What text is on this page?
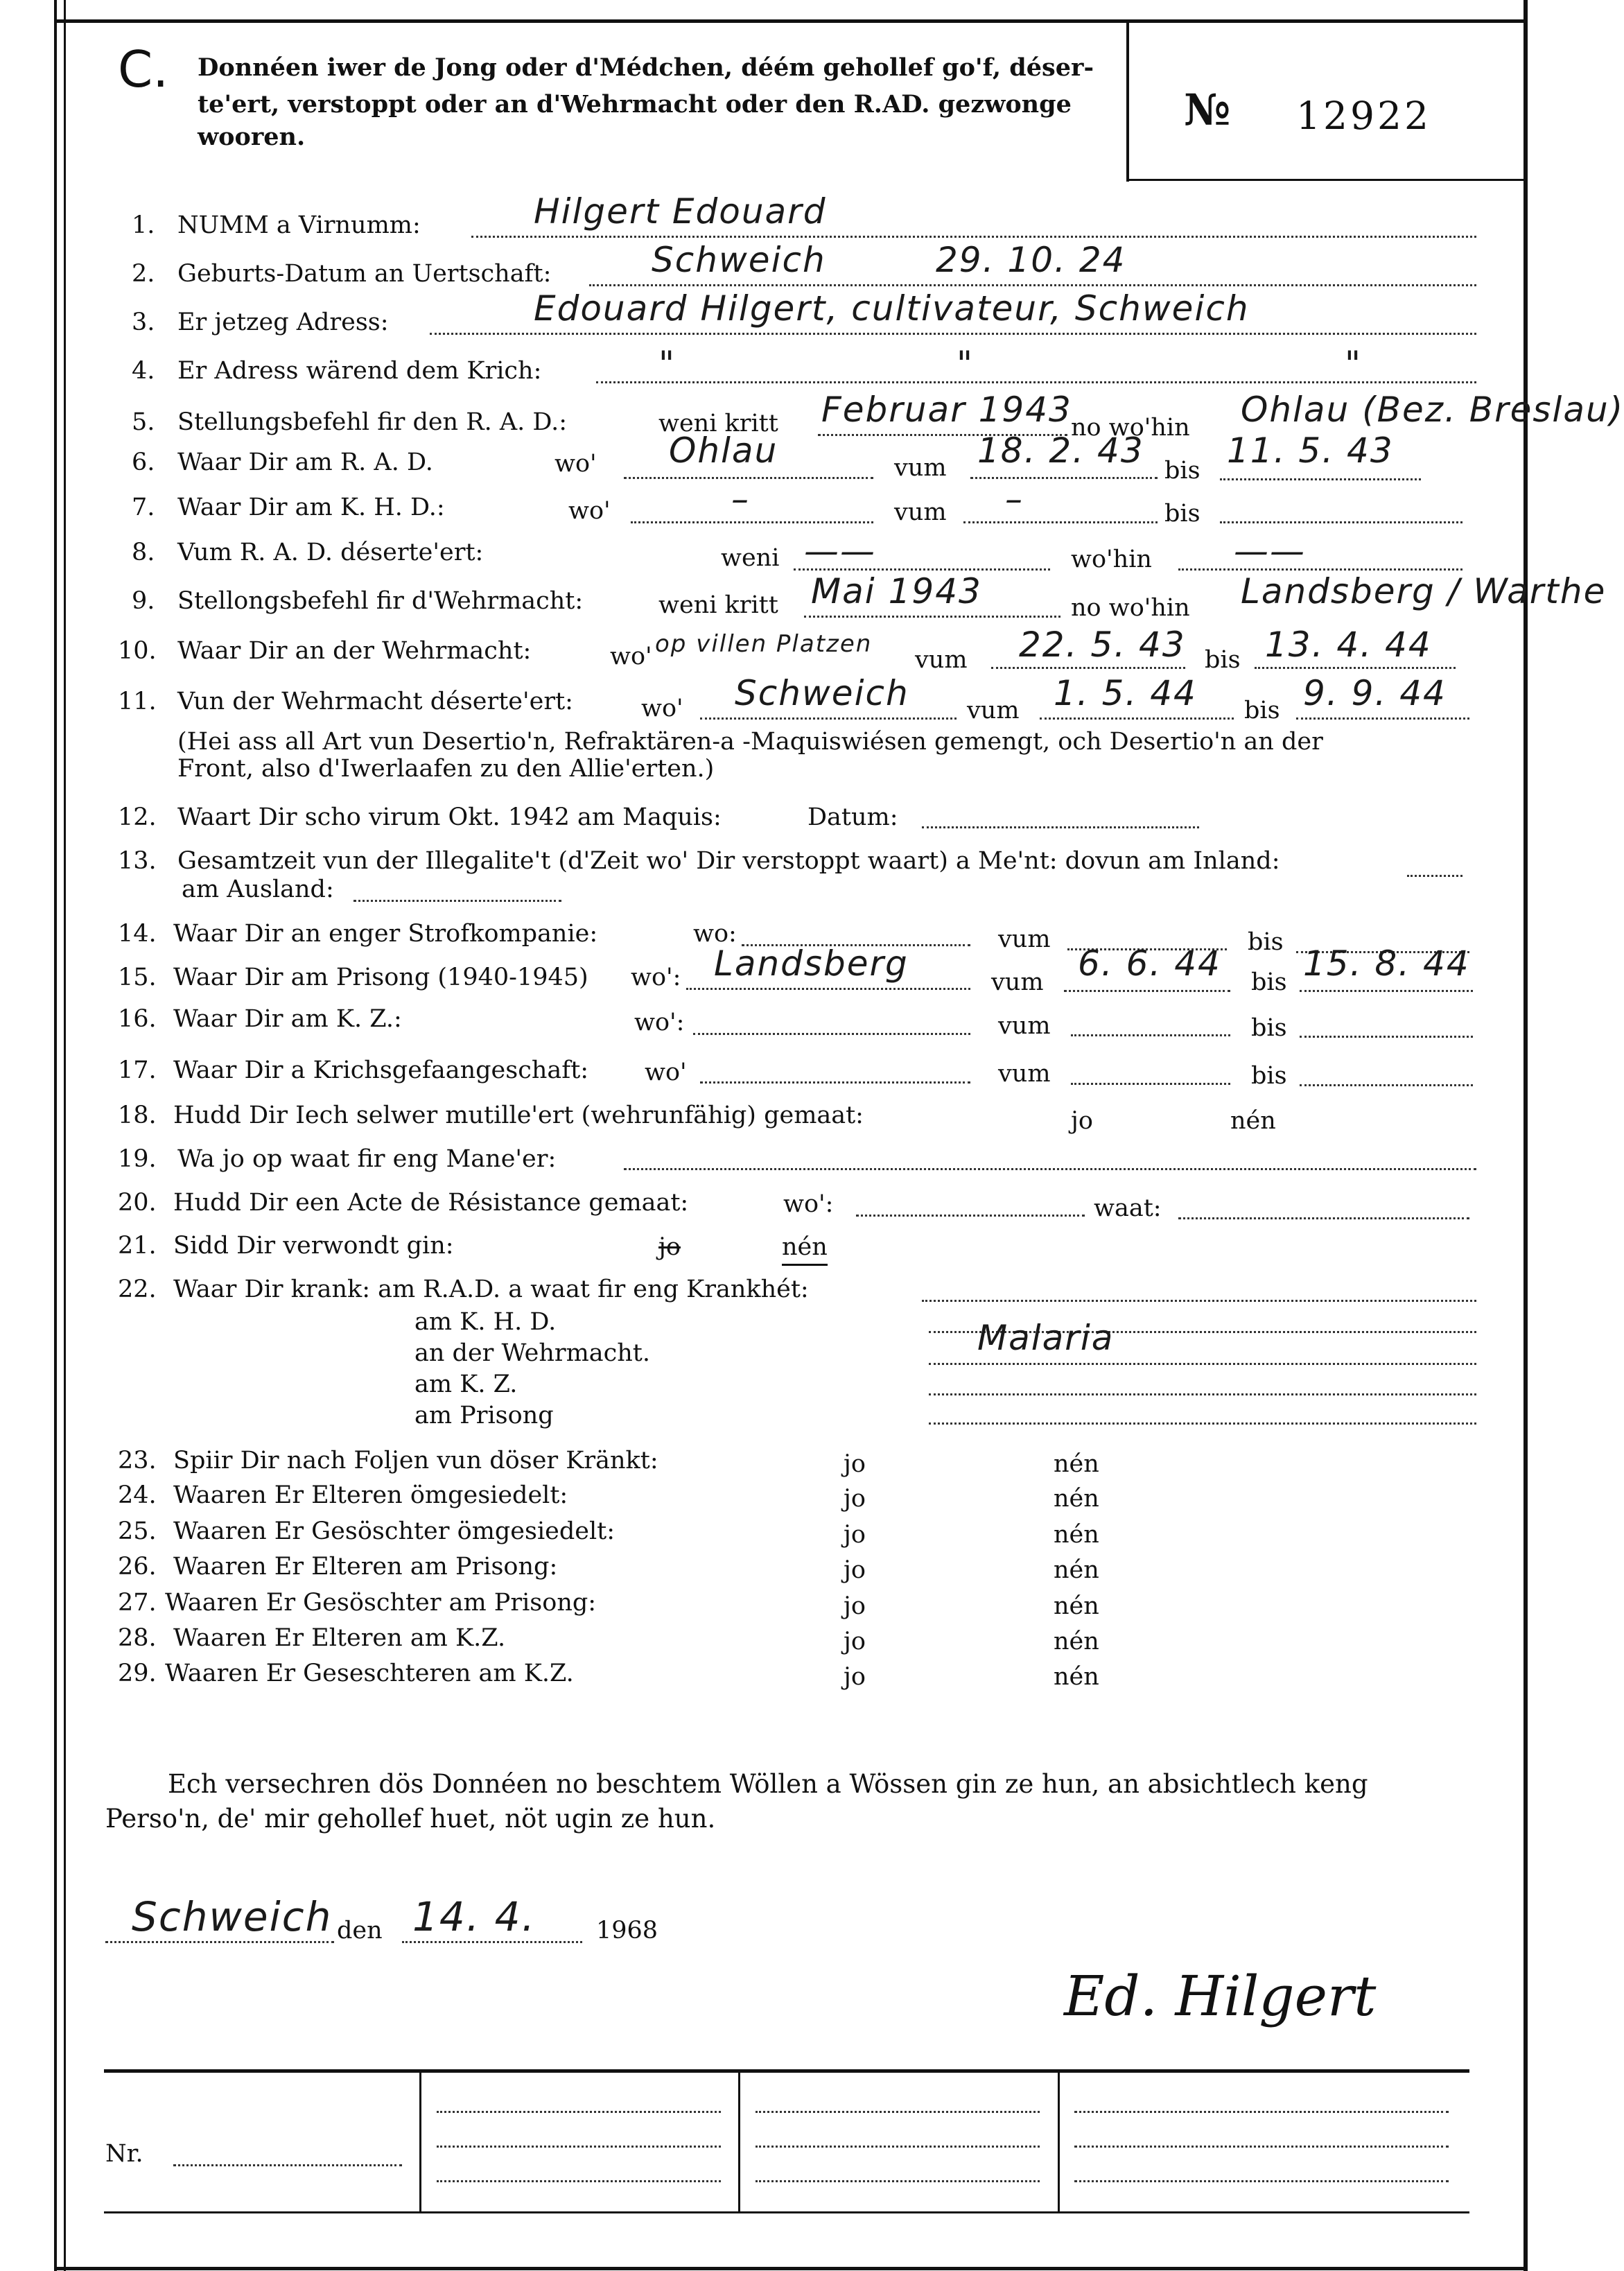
C. Donnéen iwer de Jong oder d'Médchen, déém gehollef go'f, déser-
te'ert, verstoppt oder an d'Wehrmacht oder den R.AD. gezwonge
wooren.
№ 12922
1. NUMM a Virnumm:	Hilgert Edouard
2. Geburts-Datum an Uertschaft:	Schweich	29. 10. 24
3. Er jetzeg Adress:	Edouard Hilgert, cultivateur, Schweich
4. Er Adress wärend dem Krich:	"	"	"
5. Stellungsbefehl fir den R. A. D.:	weni kritt Februar 1943
no wo'hin Ohlau (Bez. Breslau)
6. Waar Dir am R. A. D.	wo' Ohlau	vum 18. 2. 43 bis 11. 5. 43
7. Waar Dir am K. H. D.:	wo'	–	vum –	bis
8. Vum R. A. D. déserte'ert:	weni ——	wo'hin ——
9. Stellongsbefehl fir d'Wehrmacht:	weni kritt Mai 1943	no wo'hin Landsberg / Warthe
10. Waar Dir an der Wehrmacht:	wo' op villen Platzen
vum 22. 5. 43 bis 13. 4. 44
11. Vun der Wehrmacht déserte'ert:	wo' Schweich vum 1. 5. 44 bis 9. 9. 44
(Hei ass all Art vun Desertio'n, Refraktären-a -Maquiswiésen gemengt, och Desertio'n an der
Front, also d'Iwerlaafen zu den Allie'erten.)
12. Waart Dir scho virum Okt. 1942 am Maquis:	Datum:
13. Gesamtzeit vun der Illegalite't (d'Zeit wo' Dir verstoppt waart) a Me'nt: dovun am Inland:
am Ausland:
14. Waar Dir an enger Strofkompanie:	wo:	vum	bis
15. Waar Dir am Prisong (1940-1945) wo': Landsberg	vum 6. 6. 44 bis 15. 8. 44
16. Waar Dir am K. Z.:	wo':	vum	bis
17. Waar Dir a Krichsgefaangeschaft: wo'	vum	bis
18. Hudd Dir Iech selwer mutille'ert (wehrunfähig) gemaat:	jo	nén
19. Wa jo op waat fir eng Mane'er:
20. Hudd Dir een Acte de Résistance gemaat:	wo':	waat:
21. Sidd Dir verwondt gin:	jo	nén
22. Waar Dir krank: am R.A.D. a waat fir eng Krankhét:
am K. H. D.
an der Wehrmacht.	Malaria
am K. Z.
am Prisong
23. Spiir Dir nach Foljen vun döser Kränkt:	jo	nén
24. Waaren Er Elteren ömgesiedelt:	jo	nén
25. Waaren Er Gesöschter ömgesiedelt:	jo	nén
26. Waaren Er Elteren am Prisong:	jo	nén
27. Waaren Er Gesöschter am Prisong:	jo	nén
28. Waaren Er Elteren am K.Z.	jo	nén
29. Waaren Er Geseschteren am K.Z.	jo	nén
Ech versechren dös Donnéen no beschtem Wöllen a Wössen gin ze hun, an absichtlech keng
Perso'n, de' mir gehollef huet, nöt ugin ze hun.
Schweich den 14. 4. 1968
Ed. Hilgert
Nr.
